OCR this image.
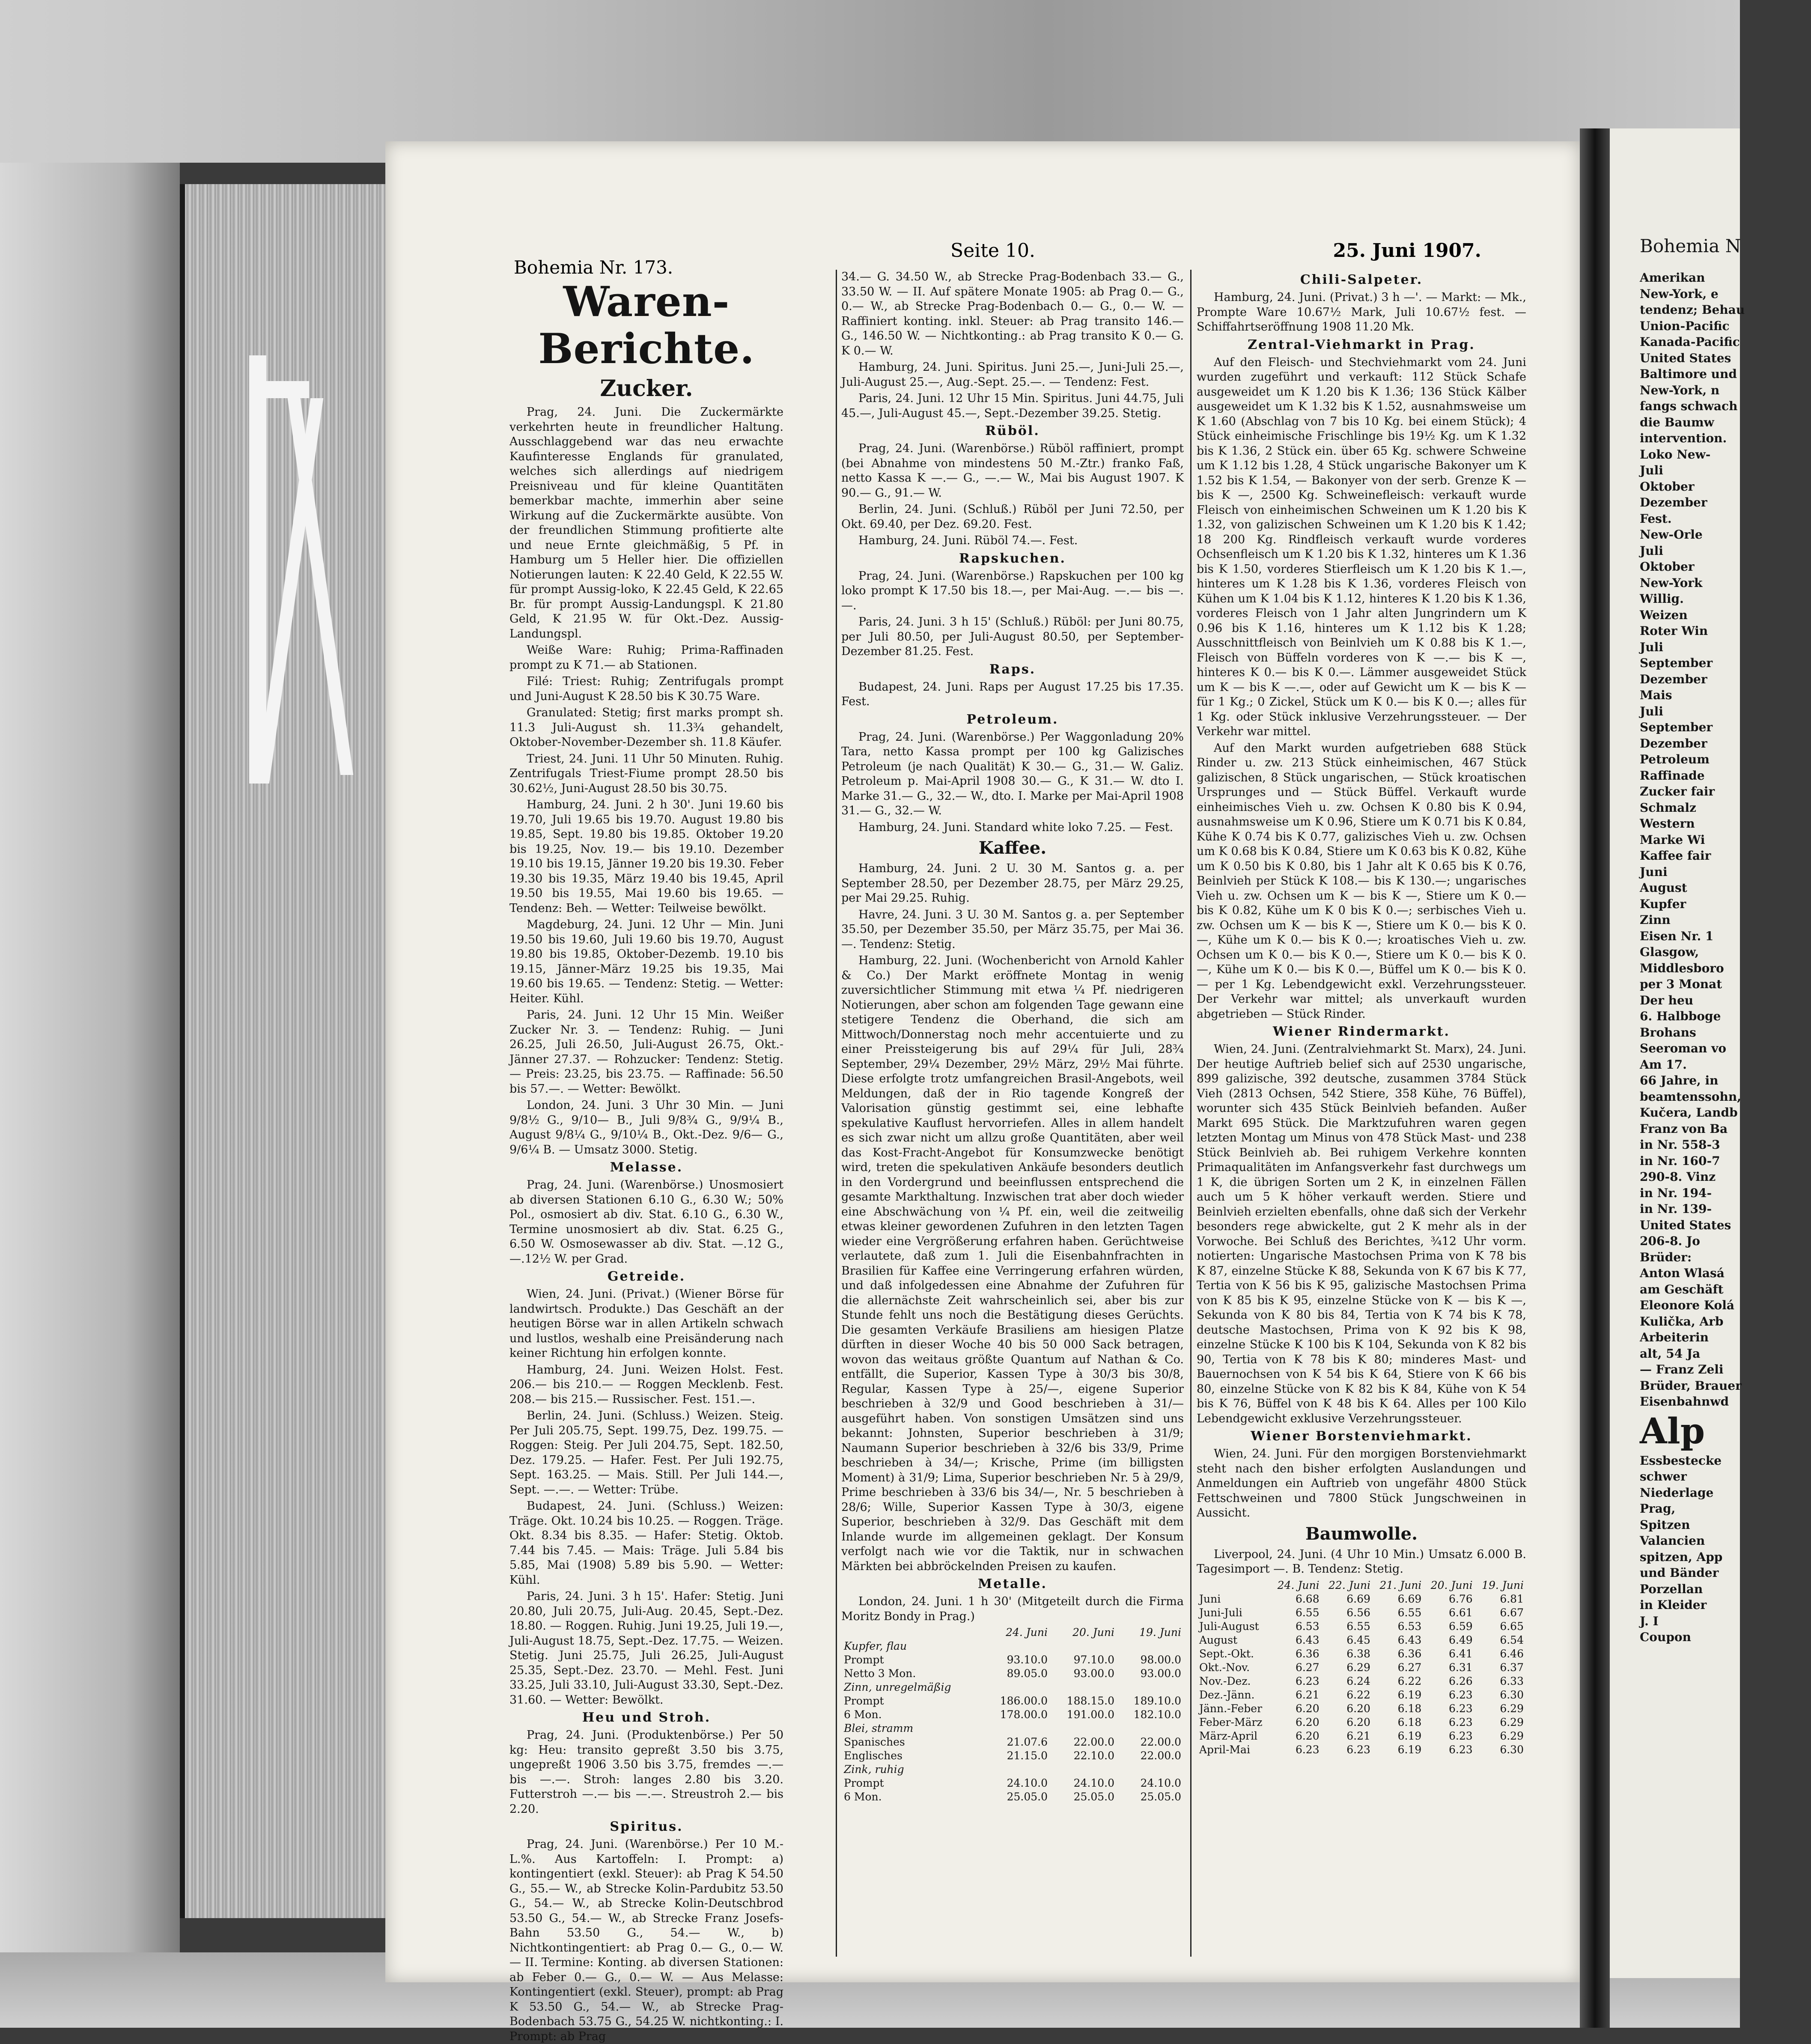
Bohemia Nr. 173.
Seite 10.	25. Juni 1907.
Waren-Berichte.
Zucker.

Prag, 24. Juni. Die Zuckermärkte verkehrten heute in freundlicher Haltung. Ausschlaggebend war das neu erwachte Kaufinteresse Englands für granulated, welches sich allerdings auf niedrigem Preisniveau und für kleine Quantitäten bemerkbar machte, immerhin aber seine Wirkung auf die Zuckermärkte ausübte. Von der freundlichen Stimmung profitierte alte und neue Ernte gleichmäßig, 5 Pf. in Hamburg um 5 Heller hier. Die offiziellen Notierungen lauten: K 22.40 Geld, K 22.55 W. für prompt Aussig-loko, K 22.45 Geld, K 22.65 Br. für prompt Aussig-Landungspl. K 21.80 Geld, K 21.95 W. für Okt.-Dez. Aussig-Landungspl.

Weiße Ware: Ruhig; Prima-Raffinaden prompt zu K 71.— ab Stationen.

Filé: Triest: Ruhig; Zentrifugals prompt und Juni-August K 28.50 bis K 30.75 Ware.

Granulated: Stetig; first marks prompt sh. 11.3 Juli-August sh. 11.3¾ gehandelt, Oktober-November-Dezember sh. 11.8 Käufer.

Triest, 24. Juni. 11 Uhr 50 Minuten. Ruhig. Zentrifugals Triest-Fiume prompt 28.50 bis 30.62½, Juni-August 28.50 bis 30.75.

Hamburg, 24. Juni. 2 h 30'. Juni 19.60 bis 19.70, Juli 19.65 bis 19.70. August 19.80 bis 19.85, Sept. 19.80 bis 19.85. Oktober 19.20 bis 19.25, Nov. 19.— bis 19.10. Dezember 19.10 bis 19.15, Jänner 19.20 bis 19.30. Feber 19.30 bis 19.35, März 19.40 bis 19.45, April 19.50 bis 19.55, Mai 19.60 bis 19.65. — Tendenz: Beh. — Wetter: Teilweise bewölkt.

Magdeburg, 24. Juni. 12 Uhr — Min. Juni 19.50 bis 19.60, Juli 19.60 bis 19.70, August 19.80 bis 19.85, Oktober-Dezemb. 19.10 bis 19.15, Jänner-März 19.25 bis 19.35, Mai 19.60 bis 19.65. — Tendenz: Stetig. — Wetter: Heiter. Kühl.

Paris, 24. Juni. 12 Uhr 15 Min. Weißer Zucker Nr. 3. — Tendenz: Ruhig. — Juni 26.25, Juli 26.50, Juli-August 26.75, Okt.-Jänner 27.37. — Rohzucker: Tendenz: Stetig. — Preis: 23.25, bis 23.75. — Raffinade: 56.50 bis 57.—. — Wetter: Bewölkt.

London, 24. Juni. 3 Uhr 30 Min. — Juni 9/8½ G., 9/10— B., Juli 9/8¾ G., 9/9¼ B., August 9/8¼ G., 9/10¼ B., Okt.-Dez. 9/6— G., 9/6¼ B. — Umsatz 3000. Stetig.

Melasse.

Prag, 24. Juni. (Warenbörse.) Unosmosiert ab diversen Stationen 6.10 G., 6.30 W.; 50% Pol., osmosiert ab div. Stat. 6.10 G., 6.30 W., Termine unosmosiert ab div. Stat. 6.25 G., 6.50 W. Osmosewasser ab div. Stat. —.12 G., —.12½ W. per Grad.

Getreide.

Wien, 24. Juni. (Privat.) (Wiener Börse für landwirtsch. Produkte.) Das Geschäft an der heutigen Börse war in allen Artikeln schwach und lustlos, weshalb eine Preisänderung nach keiner Richtung hin erfolgen konnte.

Hamburg, 24. Juni. Weizen Holst. Fest. 206.— bis 210.— — Roggen Mecklenb. Fest. 208.— bis 215.— Russischer. Fest. 151.—.

Berlin, 24. Juni. (Schluss.) Weizen. Steig. Per Juli 205.75, Sept. 199.75, Dez. 199.75. — Roggen: Steig. Per Juli 204.75, Sept. 182.50, Dez. 179.25. — Hafer. Fest. Per Juli 192.75, Sept. 163.25. — Mais. Still. Per Juli 144.—, Sept. —.—. — Wetter: Trübe.

Budapest, 24. Juni. (Schluss.) Weizen: Träge. Okt. 10.24 bis 10.25. — Roggen. Träge. Okt. 8.34 bis 8.35. — Hafer: Stetig. Oktob. 7.44 bis 7.45. — Mais: Träge. Juli 5.84 bis 5.85, Mai (1908) 5.89 bis 5.90. — Wetter: Kühl.

Paris, 24. Juni. 3 h 15'. Hafer: Stetig. Juni 20.80, Juli 20.75, Juli-Aug. 20.45, Sept.-Dez. 18.80. — Roggen. Ruhig. Juni 19.25, Juli 19.—, Juli-August 18.75, Sept.-Dez. 17.75. — Weizen. Stetig. Juni 25.75, Juli 26.25, Juli-August 25.35, Sept.-Dez. 23.70. — Mehl. Fest. Juni 33.25, Juli 33.10, Juli-August 33.30, Sept.-Dez. 31.60. — Wetter: Bewölkt.

Heu und Stroh.

Prag, 24. Juni. (Produktenbörse.) Per 50 kg: Heu: transito gepreßt 3.50 bis 3.75, ungepreßt 1906 3.50 bis 3.75, fremdes —.— bis —.—. Stroh: langes 2.80 bis 3.20. Futterstroh —.— bis —.—. Streustroh 2.— bis 2.20.

Spiritus.

Prag, 24. Juni. (Warenbörse.) Per 10 M.-L.%. Aus Kartoffeln: I. Prompt: a) kontingentiert (exkl. Steuer): ab Prag K 54.50 G., 55.— W., ab Strecke Kolin-Pardubitz 53.50 G., 54.— W., ab Strecke Kolin-Deutschbrod 53.50 G., 54.— W., ab Strecke Franz Josefs-Bahn 53.50 G., 54.— W., b) Nichtkontingentiert: ab Prag 0.— G., 0.— W. — II. Termine: Konting. ab diversen Stationen: ab Feber 0.— G., 0.— W. — Aus Melasse: Kontingentiert (exkl. Steuer), prompt: ab Prag K 53.50 G., 54.— W., ab Strecke Prag-Bodenbach 53.75 G., 54.25 W. nichtkonting.: I. Prompt: ab Prag

34.— G. 34.50 W., ab Strecke Prag-Bodenbach 33.— G., 33.50 W. — II. Auf spätere Monate 1905: ab Prag 0.— G., 0.— W., ab Strecke Prag-Bodenbach 0.— G., 0.— W. — Raffiniert konting. inkl. Steuer: ab Prag transito 146.— G., 146.50 W. — Nichtkonting.: ab Prag transito K 0.— G. K 0.— W.

Hamburg, 24. Juni. Spiritus. Juni 25.—, Juni-Juli 25.—, Juli-August 25.—, Aug.-Sept. 25.—. — Tendenz: Fest.

Paris, 24. Juni. 12 Uhr 15 Min. Spiritus. Juni 44.75, Juli 45.—, Juli-August 45.—, Sept.-Dezember 39.25. Stetig.

Rüböl.

Prag, 24. Juni. (Warenbörse.) Rüböl raffiniert, prompt (bei Abnahme von mindestens 50 M.-Ztr.) franko Faß, netto Kassa K —.— G., —.— W., Mai bis August 1907. K 90.— G., 91.— W.

Berlin, 24. Juni. (Schluß.) Rüböl per Juni 72.50, per Okt. 69.40, per Dez. 69.20. Fest.

Hamburg, 24. Juni. Rüböl 74.—. Fest.

Rapskuchen.

Prag, 24. Juni. (Warenbörse.) Rapskuchen per 100 kg loko prompt K 17.50 bis 18.—, per Mai-Aug. —.— bis —.—.

Paris, 24. Juni. 3 h 15' (Schluß.) Rüböl: per Juni 80.75, per Juli 80.50, per Juli-August 80.50, per September-Dezember 81.25. Fest.

Raps.

Budapest, 24. Juni. Raps per August 17.25 bis 17.35. Fest.

Petroleum.

Prag, 24. Juni. (Warenbörse.) Per Waggonladung 20% Tara, netto Kassa prompt per 100 kg Galizisches Petroleum (je nach Qualität) K 30.— G., 31.— W. Galiz. Petroleum p. Mai-April 1908 30.— G., K 31.— W. dto I. Marke 31.— G., 32.— W., dto. I. Marke per Mai-April 1908 31.— G., 32.— W.

Hamburg, 24. Juni. Standard white loko 7.25. — Fest.

Kaffee.

Hamburg, 24. Juni. 2 U. 30 M. Santos g. a. per September 28.50, per Dezember 28.75, per März 29.25, per Mai 29.25. Ruhig.

Havre, 24. Juni. 3 U. 30 M. Santos g. a. per September 35.50, per Dezember 35.50, per März 35.75, per Mai 36.—. Tendenz: Stetig.

Hamburg, 22. Juni. (Wochenbericht von Arnold Kahler & Co.) Der Markt eröffnete Montag in wenig zuversichtlicher Stimmung mit etwa ¼ Pf. niedrigeren Notierungen, aber schon am folgenden Tage gewann eine stetigere Tendenz die Oberhand, die sich am Mittwoch/Donnerstag noch mehr accentuierte und zu einer Preissteigerung bis auf 29¼ für Juli, 28¾ September, 29¼ Dezember, 29½ März, 29½ Mai führte. Diese erfolgte trotz umfangreichen Brasil-Angebots, weil Meldungen, daß der in Rio tagende Kongreß der Valorisation günstig gestimmt sei, eine lebhafte spekulative Kauflust hervorriefen. Alles in allem handelt es sich zwar nicht um allzu große Quantitäten, aber weil das Kost-Fracht-Angebot für Konsumzwecke benötigt wird, treten die spekulativen Ankäufe besonders deutlich in den Vordergrund und beeinflussen entsprechend die gesamte Markthaltung. Inzwischen trat aber doch wieder eine Abschwächung von ¼ Pf. ein, weil die zeitweilig etwas kleiner gewordenen Zufuhren in den letzten Tagen wieder eine Vergrößerung erfahren haben. Gerüchtweise verlautete, daß zum 1. Juli die Eisenbahnfrachten in Brasilien für Kaffee eine Verringerung erfahren würden, und daß infolgedessen eine Abnahme der Zufuhren für die allernächste Zeit wahrscheinlich sei, aber bis zur Stunde fehlt uns noch die Bestätigung dieses Gerüchts. Die gesamten Verkäufe Brasiliens am hiesigen Platze dürften in dieser Woche 40 bis 50 000 Sack betragen, wovon das weitaus größte Quantum auf Nathan & Co. entfällt, die Superior, Kassen Type à 30/3 bis 30/8, Regular, Kassen Type à 25/—, eigene Superior beschrieben à 32/9 und Good beschrieben à 31/— ausgeführt haben. Von sonstigen Umsätzen sind uns bekannt: Johnsten, Superior beschrieben à 31/9; Naumann Superior beschrieben à 32/6 bis 33/9, Prime beschrieben à 34/—; Krische, Prime (im billigsten Moment) à 31/9; Lima, Superior beschrieben Nr. 5 à 29/9, Prime beschrieben à 33/6 bis 34/—, Nr. 5 beschrieben à 28/6; Wille, Superior Kassen Type à 30/3, eigene Superior, beschrieben à 32/9. Das Geschäft mit dem Inlande wurde im allgemeinen geklagt. Der Konsum verfolgt nach wie vor die Taktik, nur in schwachen Märkten bei abbröckelnden Preisen zu kaufen.

Metalle.

London, 24. Juni. 1 h 30' (Mitgeteilt durch die Firma Moritz Bondy in Prag.)

	24. Juni	20. Juni	19. Juni
Kupfer, flau			
Prompt	93.10.0	97.10.0	98.00.0
Netto 3 Mon.	89.05.0	93.00.0	93.00.0
Zinn, unregelmäßig			
Prompt	186.00.0	188.15.0	189.10.0
6 Mon.	178.00.0	191.00.0	182.10.0
Blei, stramm			
Spanisches	21.07.6	22.00.0	22.00.0
Englisches	21.15.0	22.10.0	22.00.0
Zink, ruhig			
Prompt	24.10.0	24.10.0	24.10.0
6 Mon.	25.05.0	25.05.0	25.05.0
Chili-Salpeter.

Hamburg, 24. Juni. (Privat.) 3 h —'. — Markt: — Mk., Prompte Ware 10.67½ Mark, Juli 10.67½ fest. — Schiffahrtseröffnung 1908 11.20 Mk.

Zentral-Viehmarkt in Prag.

Auf den Fleisch- und Stechviehmarkt vom 24. Juni wurden zugeführt und verkauft: 112 Stück Schafe ausgeweidet um K 1.20 bis K 1.36; 136 Stück Kälber ausgeweidet um K 1.32 bis K 1.52, ausnahmsweise um K 1.60 (Abschlag von 7 bis 10 Kg. bei einem Stück); 4 Stück einheimische Frischlinge bis 19½ Kg. um K 1.32 bis K 1.36, 2 Stück ein. über 65 Kg. schwere Schweine um K 1.12 bis 1.28, 4 Stück ungarische Bakonyer um K 1.52 bis K 1.54, — Bakonyer von der serb. Grenze K — bis K —, 2500 Kg. Schweinefleisch: verkauft wurde Fleisch von einheimischen Schweinen um K 1.20 bis K 1.32, von galizischen Schweinen um K 1.20 bis K 1.42; 18 200 Kg. Rindfleisch verkauft wurde vorderes Ochsenfleisch um K 1.20 bis K 1.32, hinteres um K 1.36 bis K 1.50, vorderes Stierfleisch um K 1.20 bis K 1.—, hinteres um K 1.28 bis K 1.36, vorderes Fleisch von Kühen um K 1.04 bis K 1.12, hinteres K 1.20 bis K 1.36, vorderes Fleisch von 1 Jahr alten Jungrindern um K 0.96 bis K 1.16, hinteres um K 1.12 bis K 1.28; Ausschnittfleisch von Beinlvieh um K 0.88 bis K 1.—, Fleisch von Büffeln vorderes von K —.— bis K —, hinteres K 0.— bis K 0.—. Lämmer ausgeweidet Stück um K — bis K —.—, oder auf Gewicht um K — bis K — für 1 Kg.; 0 Zickel, Stück um K 0.— bis K 0.—; alles für 1 Kg. oder Stück inklusive Verzehrungssteuer. — Der Verkehr war mittel.

Auf den Markt wurden aufgetrieben 688 Stück Rinder u. zw. 213 Stück einheimischen, 467 Stück galizischen, 8 Stück ungarischen, — Stück kroatischen Ursprunges und — Stück Büffel. Verkauft wurde einheimisches Vieh u. zw. Ochsen K 0.80 bis K 0.94, ausnahmsweise um K 0.96, Stiere um K 0.71 bis K 0.84, Kühe K 0.74 bis K 0.77, galizisches Vieh u. zw. Ochsen um K 0.68 bis K 0.84, Stiere um K 0.63 bis K 0.82, Kühe um K 0.50 bis K 0.80, bis 1 Jahr alt K 0.65 bis K 0.76, Beinlvieh per Stück K 108.— bis K 130.—; ungarisches Vieh u. zw. Ochsen um K — bis K —, Stiere um K 0.— bis K 0.82, Kühe um K 0 bis K 0.—; serbisches Vieh u. zw. Ochsen um K — bis K —, Stiere um K 0.— bis K 0.—, Kühe um K 0.— bis K 0.—; kroatisches Vieh u. zw. Ochsen um K 0.— bis K 0.—, Stiere um K 0.— bis K 0.—, Kühe um K 0.— bis K 0.—, Büffel um K 0.— bis K 0.— per 1 Kg. Lebendgewicht exkl. Verzehrungssteuer. Der Verkehr war mittel; als unverkauft wurden abgetrieben — Stück Rinder.

Wiener Rindermarkt.

Wien, 24. Juni. (Zentralviehmarkt St. Marx), 24. Juni. Der heutige Auftrieb belief sich auf 2530 ungarische, 899 galizische, 392 deutsche, zusammen 3784 Stück Vieh (2813 Ochsen, 542 Stiere, 358 Kühe, 76 Büffel), worunter sich 435 Stück Beinlvieh befanden. Außer Markt 695 Stück. Die Marktzufuhren waren gegen letzten Montag um Minus von 478 Stück Mast- und 238 Stück Beinlvieh ab. Bei ruhigem Verkehre konnten Primaqualitäten im Anfangsverkehr fast durchwegs um 1 K, die übrigen Sorten um 2 K, in einzelnen Fällen auch um 5 K höher verkauft werden. Stiere und Beinlvieh erzielten ebenfalls, ohne daß sich der Verkehr besonders rege abwickelte, gut 2 K mehr als in der Vorwoche. Bei Schluß des Berichtes, ¾12 Uhr vorm. notierten: Ungarische Mastochsen Prima von K 78 bis K 87, einzelne Stücke K 88, Sekunda von K 67 bis K 77, Tertia von K 56 bis K 95, galizische Mastochsen Prima von K 85 bis K 95, einzelne Stücke von K — bis K —, Sekunda von K 80 bis 84, Tertia von K 74 bis K 78, deutsche Mastochsen, Prima von K 92 bis K 98, einzelne Stücke K 100 bis K 104, Sekunda von K 82 bis 90, Tertia von K 78 bis K 80; minderes Mast- und Bauernochsen von K 54 bis K 64, Stiere von K 66 bis 80, einzelne Stücke von K 82 bis K 84, Kühe von K 54 bis K 76, Büffel von K 48 bis K 64. Alles per 100 Kilo Lebendgewicht exklusive Verzehrungssteuer.

Wiener Borstenviehmarkt.

Wien, 24. Juni. Für den morgigen Borstenviehmarkt steht nach den bisher erfolgten Auslandungen und Anmeldungen ein Auftrieb von ungefähr 4800 Stück Fettschweinen und 7800 Stück Jungschweinen in Aussicht.

Baumwolle.

Liverpool, 24. Juni. (4 Uhr 10 Min.) Umsatz 6.000 B. Tagesimport —. B. Tendenz: Stetig.

	24. Juni	22. Juni	21. Juni	20. Juni	19. Juni
Juni	6.68	6.69	6.69	6.76	6.81
Juni-Juli	6.55	6.56	6.55	6.61	6.67
Juli-August	6.53	6.55	6.53	6.59	6.65
August	6.43	6.45	6.43	6.49	6.54
Sept.-Okt.	6.36	6.38	6.36	6.41	6.46
Okt.-Nov.	6.27	6.29	6.27	6.31	6.37
Nov.-Dez.	6.23	6.24	6.22	6.26	6.33
Dez.-Jänn.	6.21	6.22	6.19	6.23	6.30
Jänn.-Feber	6.20	6.20	6.18	6.23	6.29
Feber-März	6.20	6.20	6.18	6.23	6.29
März-April	6.20	6.21	6.19	6.23	6.29
April-Mai	6.23	6.23	6.19	6.23	6.30
Bohemia N
Amerikan
New-York, e
tendenz; Behau
Union-Pacific
Kanada-Pacific
United States
Baltimore und
New-York, n
fangs schwach
die Baumw
intervention.
Loko New-
Juli
Oktober
Dezember
Fest.
New-Orle
Juli
Oktober
New-York
Willig.
Weizen
Roter Win
Juli
September
Dezember
Mais
Juli
September
Dezember
Petroleum
Raffinade
Zucker fair
Schmalz
Western
Marke Wi
Kaffee fair
Juni
August
Kupfer
Zinn
Eisen Nr. 1
Glasgow,
Middlesboro
per 3 Monat
Der heu
6. Halbboge
Brohans
Seeroman vo
Am 17.
66 Jahre, in
beamtenssohn,
Kučera, Landb
Franz von Ba
in Nr. 558-3
in Nr. 160-7
290-8. Vinz
in Nr. 194-
in Nr. 139-
United States
206-8. Jo
Brüder:
Anton Wlasá
am Geschäft
Eleonore Kolá
Kulička, Arb
Arbeiterin
alt, 54 Ja
— Franz Zeli
Brüder, Brauer
Eisenbahnwd
Alp
Essbestecke
schwer
Niederlage
Prag,
Spitzen
Valancien
spitzen, App
und Bänder
Porzellan
in Kleider
J. I
Coupon
